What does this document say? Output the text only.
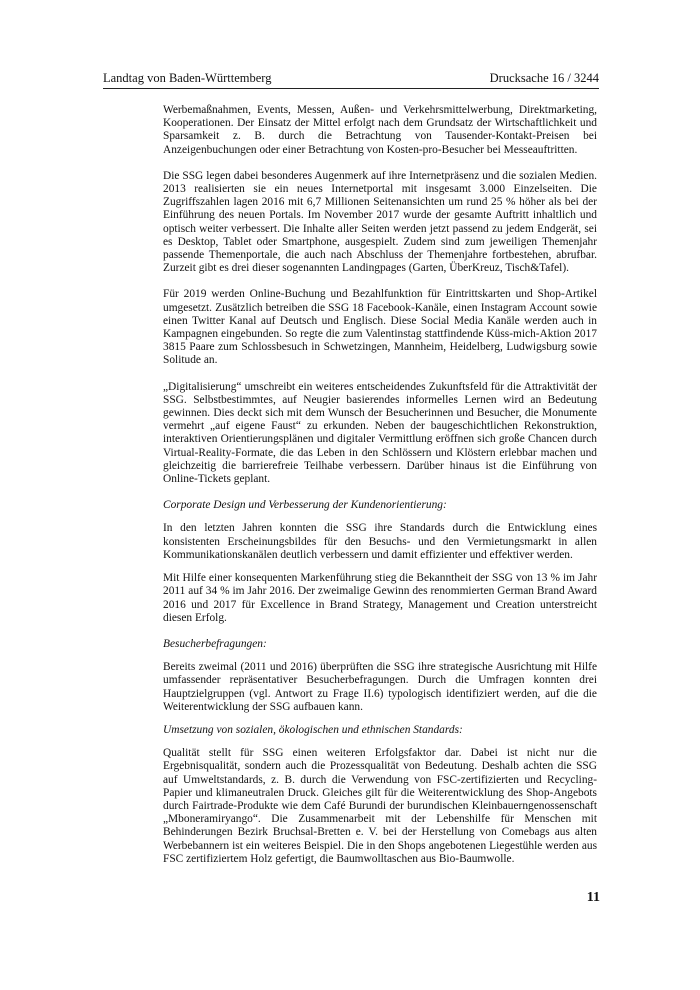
Landtag von Baden-Württemberg	Drucksache 16 / 3244

Werbemaßnahmen, Events, Messen, Außen- und Verkehrsmittelwerbung, Direktmarketing, Kooperationen. Der Einsatz der Mittel erfolgt nach dem Grundsatz der Wirtschaftlichkeit und Sparsamkeit z. B. durch die Betrachtung von Tausender-Kontakt-Preisen bei Anzeigenbuchungen oder einer Betrachtung von Kosten-pro-Besucher bei Messeauftritten.

Die SSG legen dabei besonderes Augenmerk auf ihre Internetpräsenz und die sozialen Medien. 2013 realisierten sie ein neues Internetportal mit insgesamt 3.000 Einzelseiten. Die Zugriffszahlen lagen 2016 mit 6,7 Millionen Seitenansichten um rund 25 % höher als bei der Einführung des neuen Portals. Im November 2017 wurde der gesamte Auftritt inhaltlich und optisch weiter verbessert. Die Inhalte aller Seiten werden jetzt passend zu jedem Endgerät, sei es Desktop, Tablet oder Smartphone, ausgespielt. Zudem sind zum jeweiligen Themenjahr passende Themenportale, die auch nach Abschluss der Themenjahre fortbestehen, abrufbar. Zurzeit gibt es drei dieser sogenannten Landingpages (Garten, ÜberKreuz, Tisch&Tafel).

Für 2019 werden Online-Buchung und Bezahlfunktion für Eintrittskarten und Shop-Artikel umgesetzt. Zusätzlich betreiben die SSG 18 Facebook-Kanäle, einen Instagram Account sowie einen Twitter Kanal auf Deutsch und Englisch. Diese Social Media Kanäle werden auch in Kampagnen eingebunden. So regte die zum Valentinstag stattfindende Küss-mich-Aktion 2017 3815 Paare zum Schlossbesuch in Schwetzingen, Mannheim, Heidelberg, Ludwigsburg sowie Solitude an.

„Digitalisierung“ umschreibt ein weiteres entscheidendes Zukunftsfeld für die Attraktivität der SSG. Selbstbestimmtes, auf Neugier basierendes informelles Lernen wird an Bedeutung gewinnen. Dies deckt sich mit dem Wunsch der Besucherinnen und Besucher, die Monumente vermehrt „auf eigene Faust“ zu erkunden. Neben der baugeschichtlichen Rekonstruktion, interaktiven Orientierungsplänen und digitaler Vermittlung eröffnen sich große Chancen durch Virtual-Reality-Formate, die das Leben in den Schlössern und Klöstern erlebbar machen und gleichzeitig die barrierefreie Teilhabe verbessern. Darüber hinaus ist die Einführung von Online-Tickets geplant.

Corporate Design und Verbesserung der Kundenorientierung:

In den letzten Jahren konnten die SSG ihre Standards durch die Entwicklung eines konsistenten Erscheinungsbildes für den Besuchs- und den Vermietungsmarkt in allen Kommunikationskanälen deutlich verbessern und damit effizienter und effektiver werden.

Mit Hilfe einer konsequenten Markenführung stieg die Bekanntheit der SSG von 13 % im Jahr 2011 auf 34 % im Jahr 2016. Der zweimalige Gewinn des renommierten German Brand Award 2016 und 2017 für Excellence in Brand Strategy, Management und Creation unterstreicht diesen Erfolg.

Besucherbefragungen:

Bereits zweimal (2011 und 2016) überprüften die SSG ihre strategische Ausrichtung mit Hilfe umfassender repräsentativer Besucherbefragungen. Durch die Umfragen konnten drei Hauptzielgruppen (vgl. Antwort zu Frage II.6) typologisch identifiziert werden, auf die die Weiterentwicklung der SSG aufbauen kann.

Umsetzung von sozialen, ökologischen und ethnischen Standards:

Qualität stellt für SSG einen weiteren Erfolgsfaktor dar. Dabei ist nicht nur die Ergebnisqualität, sondern auch die Prozessqualität von Bedeutung. Deshalb achten die SSG auf Umweltstandards, z. B. durch die Verwendung von FSC-zertifizierten und Recycling-Papier und klimaneutralen Druck. Gleiches gilt für die Weiterentwicklung des Shop-Angebots durch Fairtrade-Produkte wie dem Café Burundi der burundischen Kleinbauerngenossenschaft „Mboneramiryango“. Die Zusammenarbeit mit der Lebenshilfe für Menschen mit Behinderungen Bezirk Bruchsal-Bretten e. V. bei der Herstellung von Comebags aus alten Werbebannern ist ein weiteres Beispiel. Die in den Shops angebotenen Liegestühle werden aus FSC zertifiziertem Holz gefertigt, die Baumwolltaschen aus Bio-Baumwolle.

11
